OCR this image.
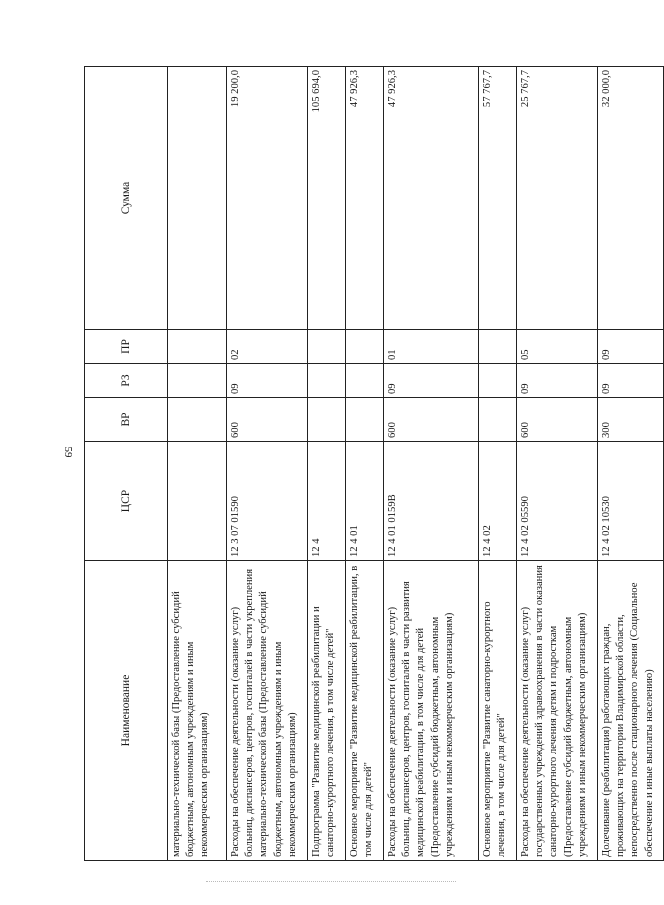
59
Наименование	ЦСР	ВР	РЗ	ПР	Сумма
материально-технической базы (Предоставление субсидий бюджетным, автономным учреждениям и иным некоммерческим организациям)					
Расходы на обеспечение деятельности (оказание услуг) больниц, диспансеров, центров, госпиталей в части укрепления материально-технической базы (Предоставление субсидий бюджетным, автономным учреждениям и иным некоммерческим организациям)	12 3 07 01590	600	09	02	19 200,0
Подпрограмма "Развитие медицинской реабилитации и санаторно-курортного лечения, в том числе детей"	12 4				105 694,0
Основное мероприятие "Развитие медицинской реабилитации, в том числе для детей"	12 4 01				47 926,3
Расходы на обеспечение деятельности (оказание услуг) больниц, диспансеров, центров, госпиталей в части развития медицинской реабилитации, в том числе для детей (Предоставление субсидий бюджетным, автономным учреждениям и иным некоммерческим организациям)	12 4 01 0159B	600	09	01	47 926,3
Основное мероприятие "Развитие санаторно-курортного лечения, в том числе для детей"	12 4 02				57 767,7
Расходы на обеспечение деятельности (оказание услуг) государственных учреждений здравоохранения в части оказания санаторно-курортного лечения детям и подросткам (Предоставление субсидий бюджетным, автономным учреждениям и иным некоммерческим организациям)	12 4 02 05590	600	09	05	25 767,7
Долечивание (реабилитация) работающих граждан, проживающих на территории Владимирской области, непосредственно после стационарного лечения (Социальное обеспечение и иные выплаты населению)	12 4 02 10530	300	09	09	32 000,0
